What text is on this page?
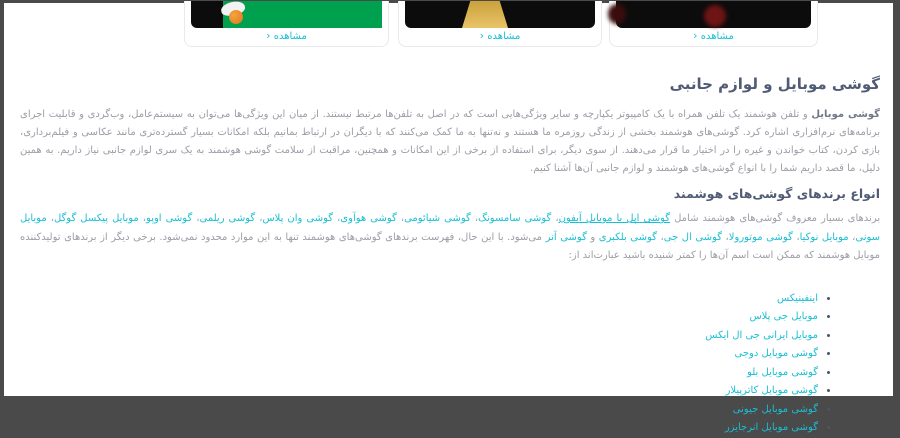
مشاهده ‹	مشاهده ‹	مشاهده ‹
گوشی موبایل و لوازم جانبی

گوشی موبایل و تلفن هوشمند یک تلفن همراه با یک کامپیوتر یکپارچه و سایر ویژگی‌هایی است که در اصل به تلفن‌ها مرتبط نیستند. از میان این ویژگی‌ها می‌توان به سیستم‌عامل، وب‌گردی و قابلیت اجرای برنامه‌های نرم‌افزاری اشاره کرد. گوشی‌های هوشمند بخشی از زندگی روزمره ما هستند و نه‌تنها به ما کمک می‌کنند که با دیگران در ارتباط بمانیم بلکه امکانات بسیار گسترده‌تری مانند عکاسی و فیلم‌برداری، بازی کردن، کتاب خواندن و غیره را در اختیار ما قرار می‌دهند. از سوی دیگر، برای استفاده از برخی از این امکانات و همچنین، مراقبت از سلامت گوشی هوشمند به یک سری لوازم جانبی نیاز داریم. به همین دلیل، ما قصد داریم شما را با انواع گوشی‌های هوشمند و لوازم جانبی آن‌ها آشنا کنیم.

انواع برندهای گوشی‌های هوشمند

برندهای بسیار معروف گوشی‌های هوشمند شامل گوشی اپل یا موبایل آیفون، گوشی سامسونگ، گوشی شیائومی، گوشی هوآوی، گوشی وان پلاس، گوشی ریلمی، گوشی اوپو، موبایل پیکسل گوگل، موبایل سونی، موبایل نوکیا، گوشی موتورولا، گوشی ال جی، گوشی بلکبری و گوشی آنر می‌شود. با این حال، فهرست برندهای گوشی‌های هوشمند تنها به این موارد محدود نمی‌شود. برخی دیگر از برندهای تولیدکننده موبایل هوشمند که ممکن است اسم آن‌ها را کمتر شنیده باشید عبارت‌اند از:

• اینفینیکس
• موبایل جی پلاس
• موبایل ایرانی جی ال ایکس
• گوشی موبایل دوجی
• گوشی موبایل بلو
• گوشی موبایل کاترپیلار
• گوشی موبایل جیونی
• گوشی موبایل انرجایزر
